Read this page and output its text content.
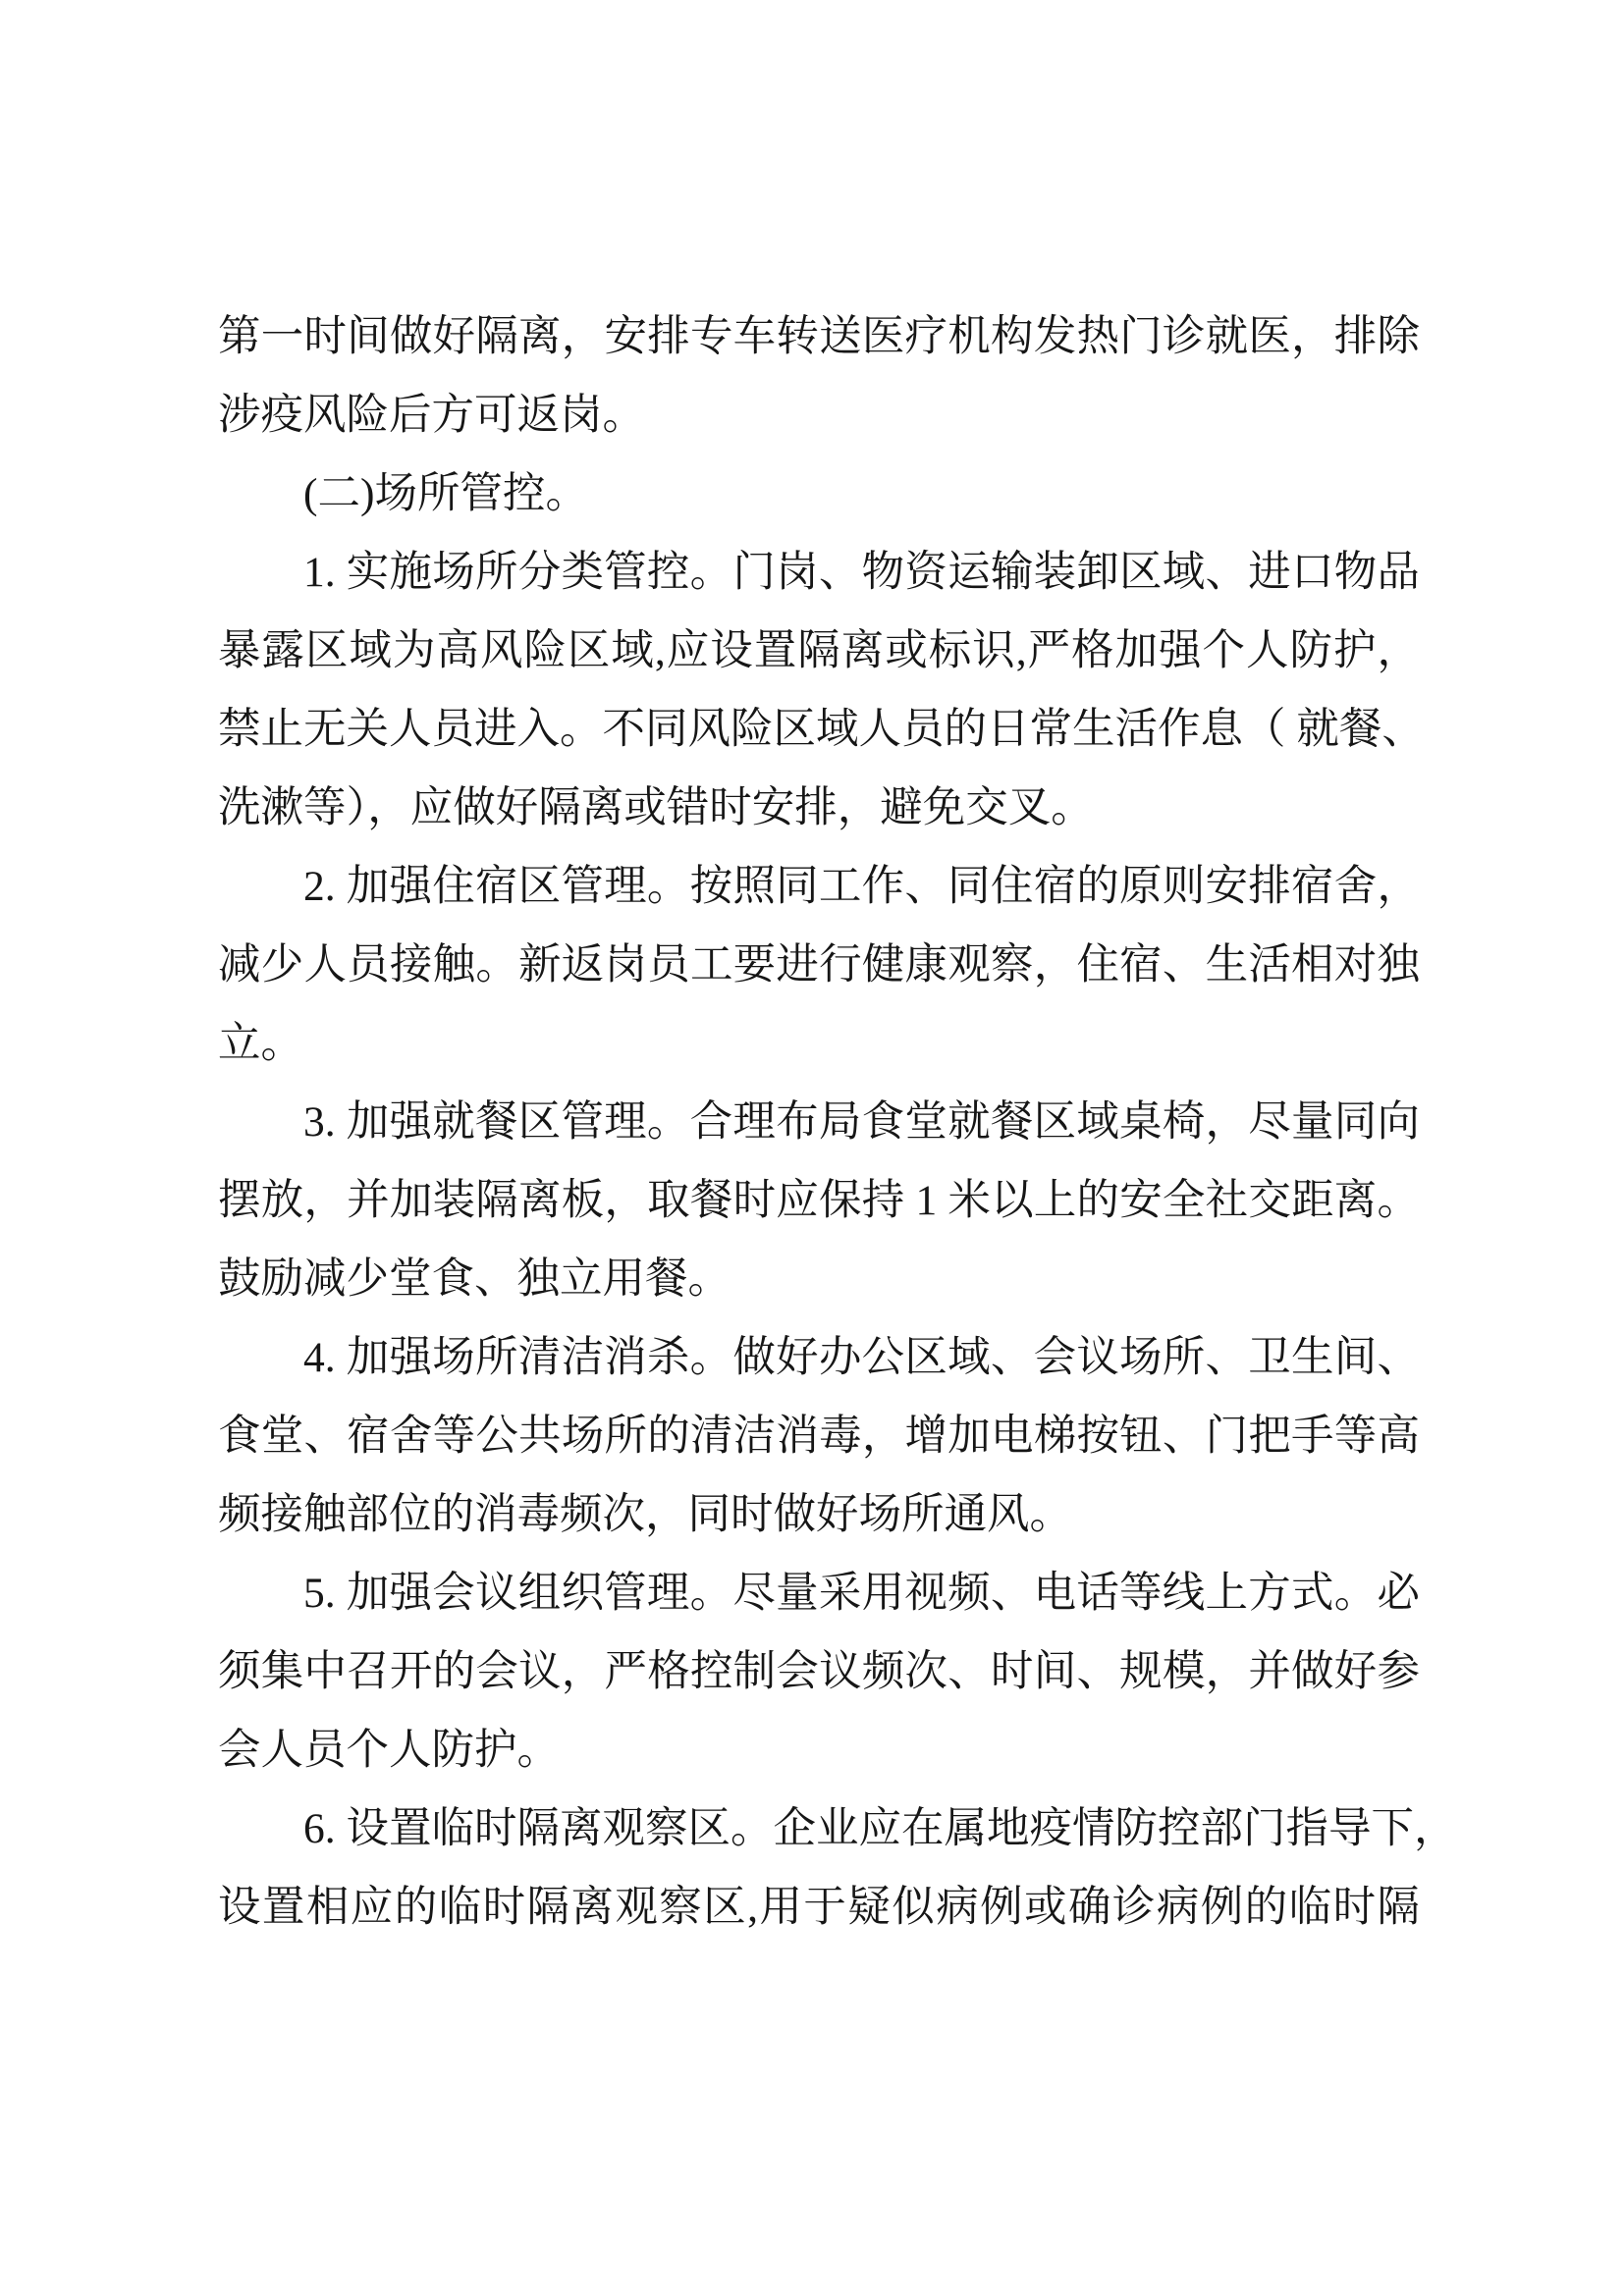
第一时间做好隔离，安排专车转送医疗机构发热门诊就医，排除
涉疫风险后方可返岗。
(二)场所管控。
1. 实施场所分类管控。门岗、物资运输装卸区域、进口物品
暴露区域为高风险区域,应设置隔离或标识,严格加强个人防护，
禁止无关人员进入。不同风险区域人员的日常生活作息（ 就餐、
洗漱等），应做好隔离或错时安排，避免交叉。
2. 加强住宿区管理。按照同工作、同住宿的原则安排宿舍，
减少人员接触。新返岗员工要进行健康观察，住宿、生活相对独
立。
3. 加强就餐区管理。合理布局食堂就餐区域桌椅，尽量同向
摆放，并加装隔离板，取餐时应保持 1 米以上的安全社交距离。
鼓励减少堂食、独立用餐。
4. 加强场所清洁消杀。做好办公区域、会议场所、卫生间、
食堂、宿舍等公共场所的清洁消毒，增加电梯按钮、门把手等高
频接触部位的消毒频次，同时做好场所通风。
5. 加强会议组织管理。尽量采用视频、电话等线上方式。必
须集中召开的会议，严格控制会议频次、时间、规模，并做好参
会人员个人防护。
6. 设置临时隔离观察区。企业应在属地疫情防控部门指导下，
设置相应的临时隔离观察区,用于疑似病例或确诊病例的临时隔
